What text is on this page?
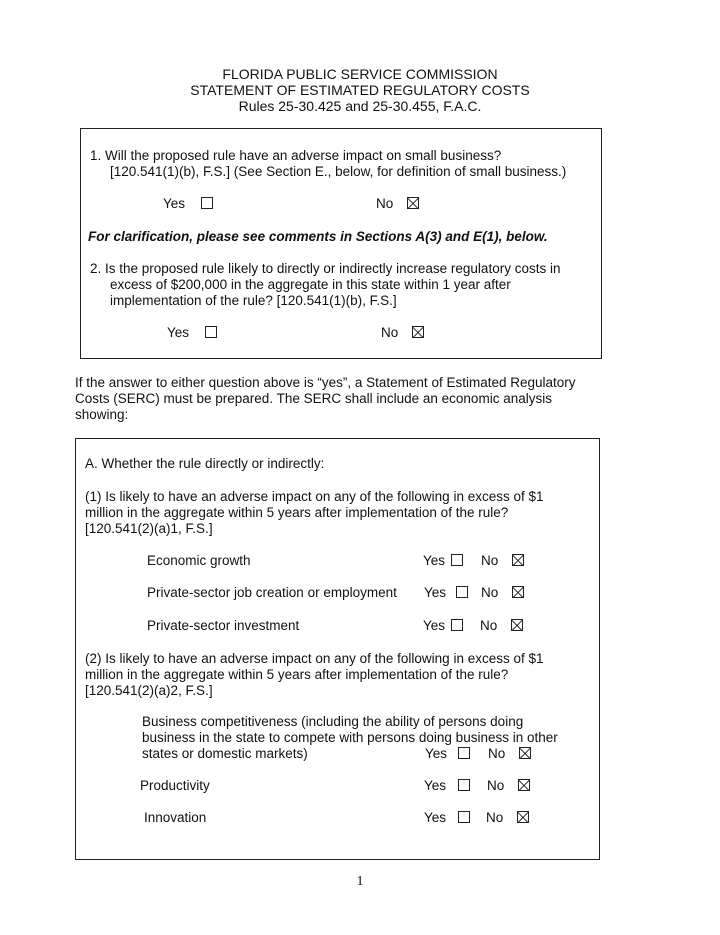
FLORIDA PUBLIC SERVICE COMMISSION
STATEMENT OF ESTIMATED REGULATORY COSTS
Rules 25-30.425 and 25-30.455, F.A.C.
1. Will the proposed rule have an adverse impact on small business?
[120.541(1)(b), F.S.] (See Section E., below, for definition of small business.)
Yes	No
For clarification, please see comments in Sections A(3) and E(1), below.
2. Is the proposed rule likely to directly or indirectly increase regulatory costs in
excess of $200,000 in the aggregate in this state within 1 year after
implementation of the rule? [120.541(1)(b), F.S.]
Yes	No
If the answer to either question above is “yes”, a Statement of Estimated Regulatory
Costs (SERC) must be prepared. The SERC shall include an economic analysis
showing:
A. Whether the rule directly or indirectly:
(1) Is likely to have an adverse impact on any of the following in excess of $1
million in the aggregate within 5 years after implementation of the rule?
[120.541(2)(a)1, F.S.]
Economic growth	Yes	No
Private-sector job creation or employment Yes	No
Private-sector investment	Yes	No
(2) Is likely to have an adverse impact on any of the following in excess of $1
million in the aggregate within 5 years after implementation of the rule?
[120.541(2)(a)2, F.S.]
Business competitiveness (including the ability of persons doing
business in the state to compete with persons doing business in other
states or domestic markets)	Yes	No
Productivity	Yes	No
Innovation	Yes	No
1
